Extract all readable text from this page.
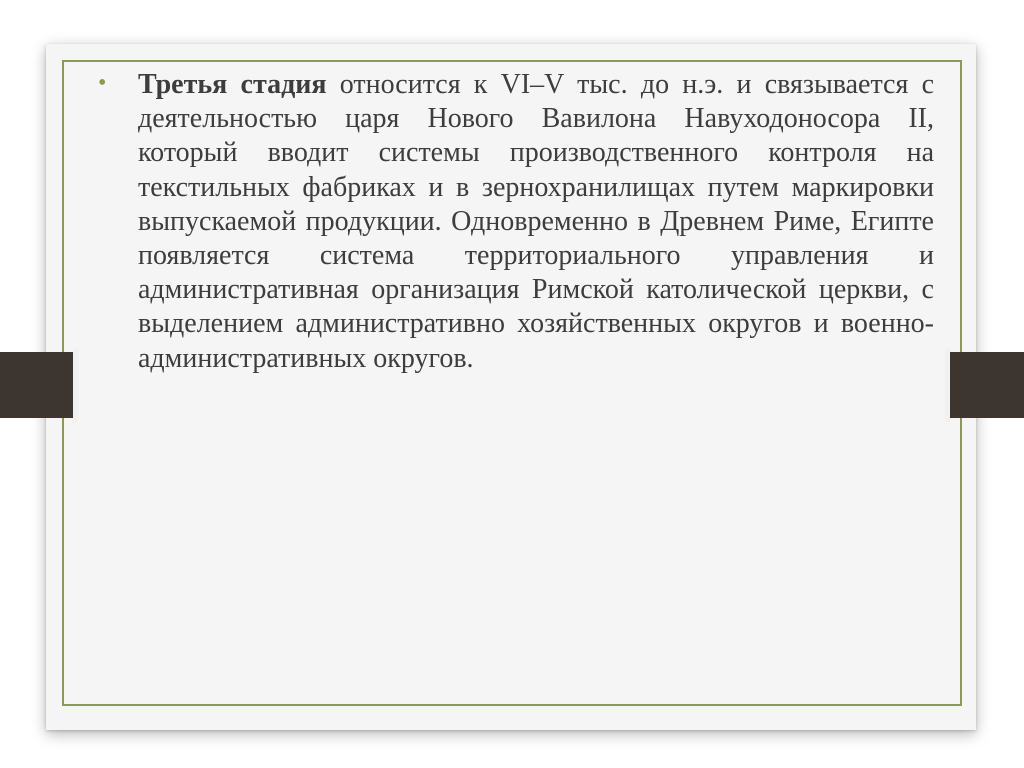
•	Третья стадия относится к VI–V тыс. до н.э. и связывается с деятельностью царя Нового Вавилона Навуходоносора II, который вводит системы производственного контроля на текстильных фабриках и в зернохранилищах путем маркировки выпускаемой продукции. Одновременно в Древнем Риме, Египте появляется система территориального управления и административная организация Римской католической церкви, с выделением административно хозяйственных округов и военно-административных округов.
